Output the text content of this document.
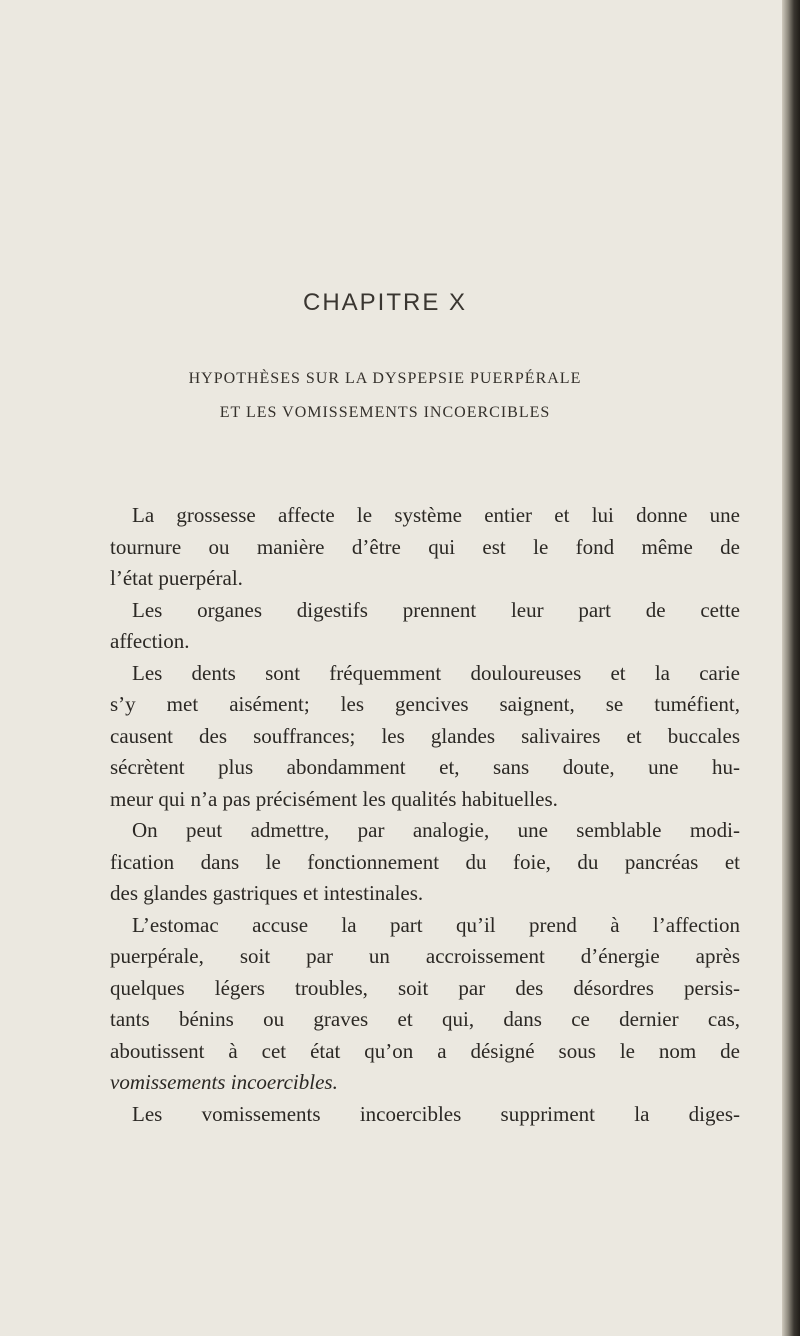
CHAPITRE X
HYPOTHÈSES SUR LA DYSPEPSIE PUERPÉRALE
ET LES VOMISSEMENTS INCOERCIBLES
La grossesse affecte le système entier et lui donne une
tournure ou manière d’être qui est le fond même de
l’état puerpéral.
Les organes digestifs prennent leur part de cette
affection.
Les dents sont fréquemment douloureuses et la carie
s’y met aisément; les gencives saignent, se tuméfient,
causent des souffrances; les glandes salivaires et buccales
sécrètent plus abondamment et, sans doute, une hu-
meur qui n’a pas précisément les qualités habituelles.
On peut admettre, par analogie, une semblable modi-
fication dans le fonctionnement du foie, du pancréas et
des glandes gastriques et intestinales.
L’estomac accuse la part qu’il prend à l’affection
puerpérale, soit par un accroissement d’énergie après
quelques légers troubles, soit par des désordres persis-
tants bénins ou graves et qui, dans ce dernier cas,
aboutissent à cet état qu’on a désigné sous le nom de
vomissements incoercibles.
Les vomissements incoercibles suppriment la diges-
